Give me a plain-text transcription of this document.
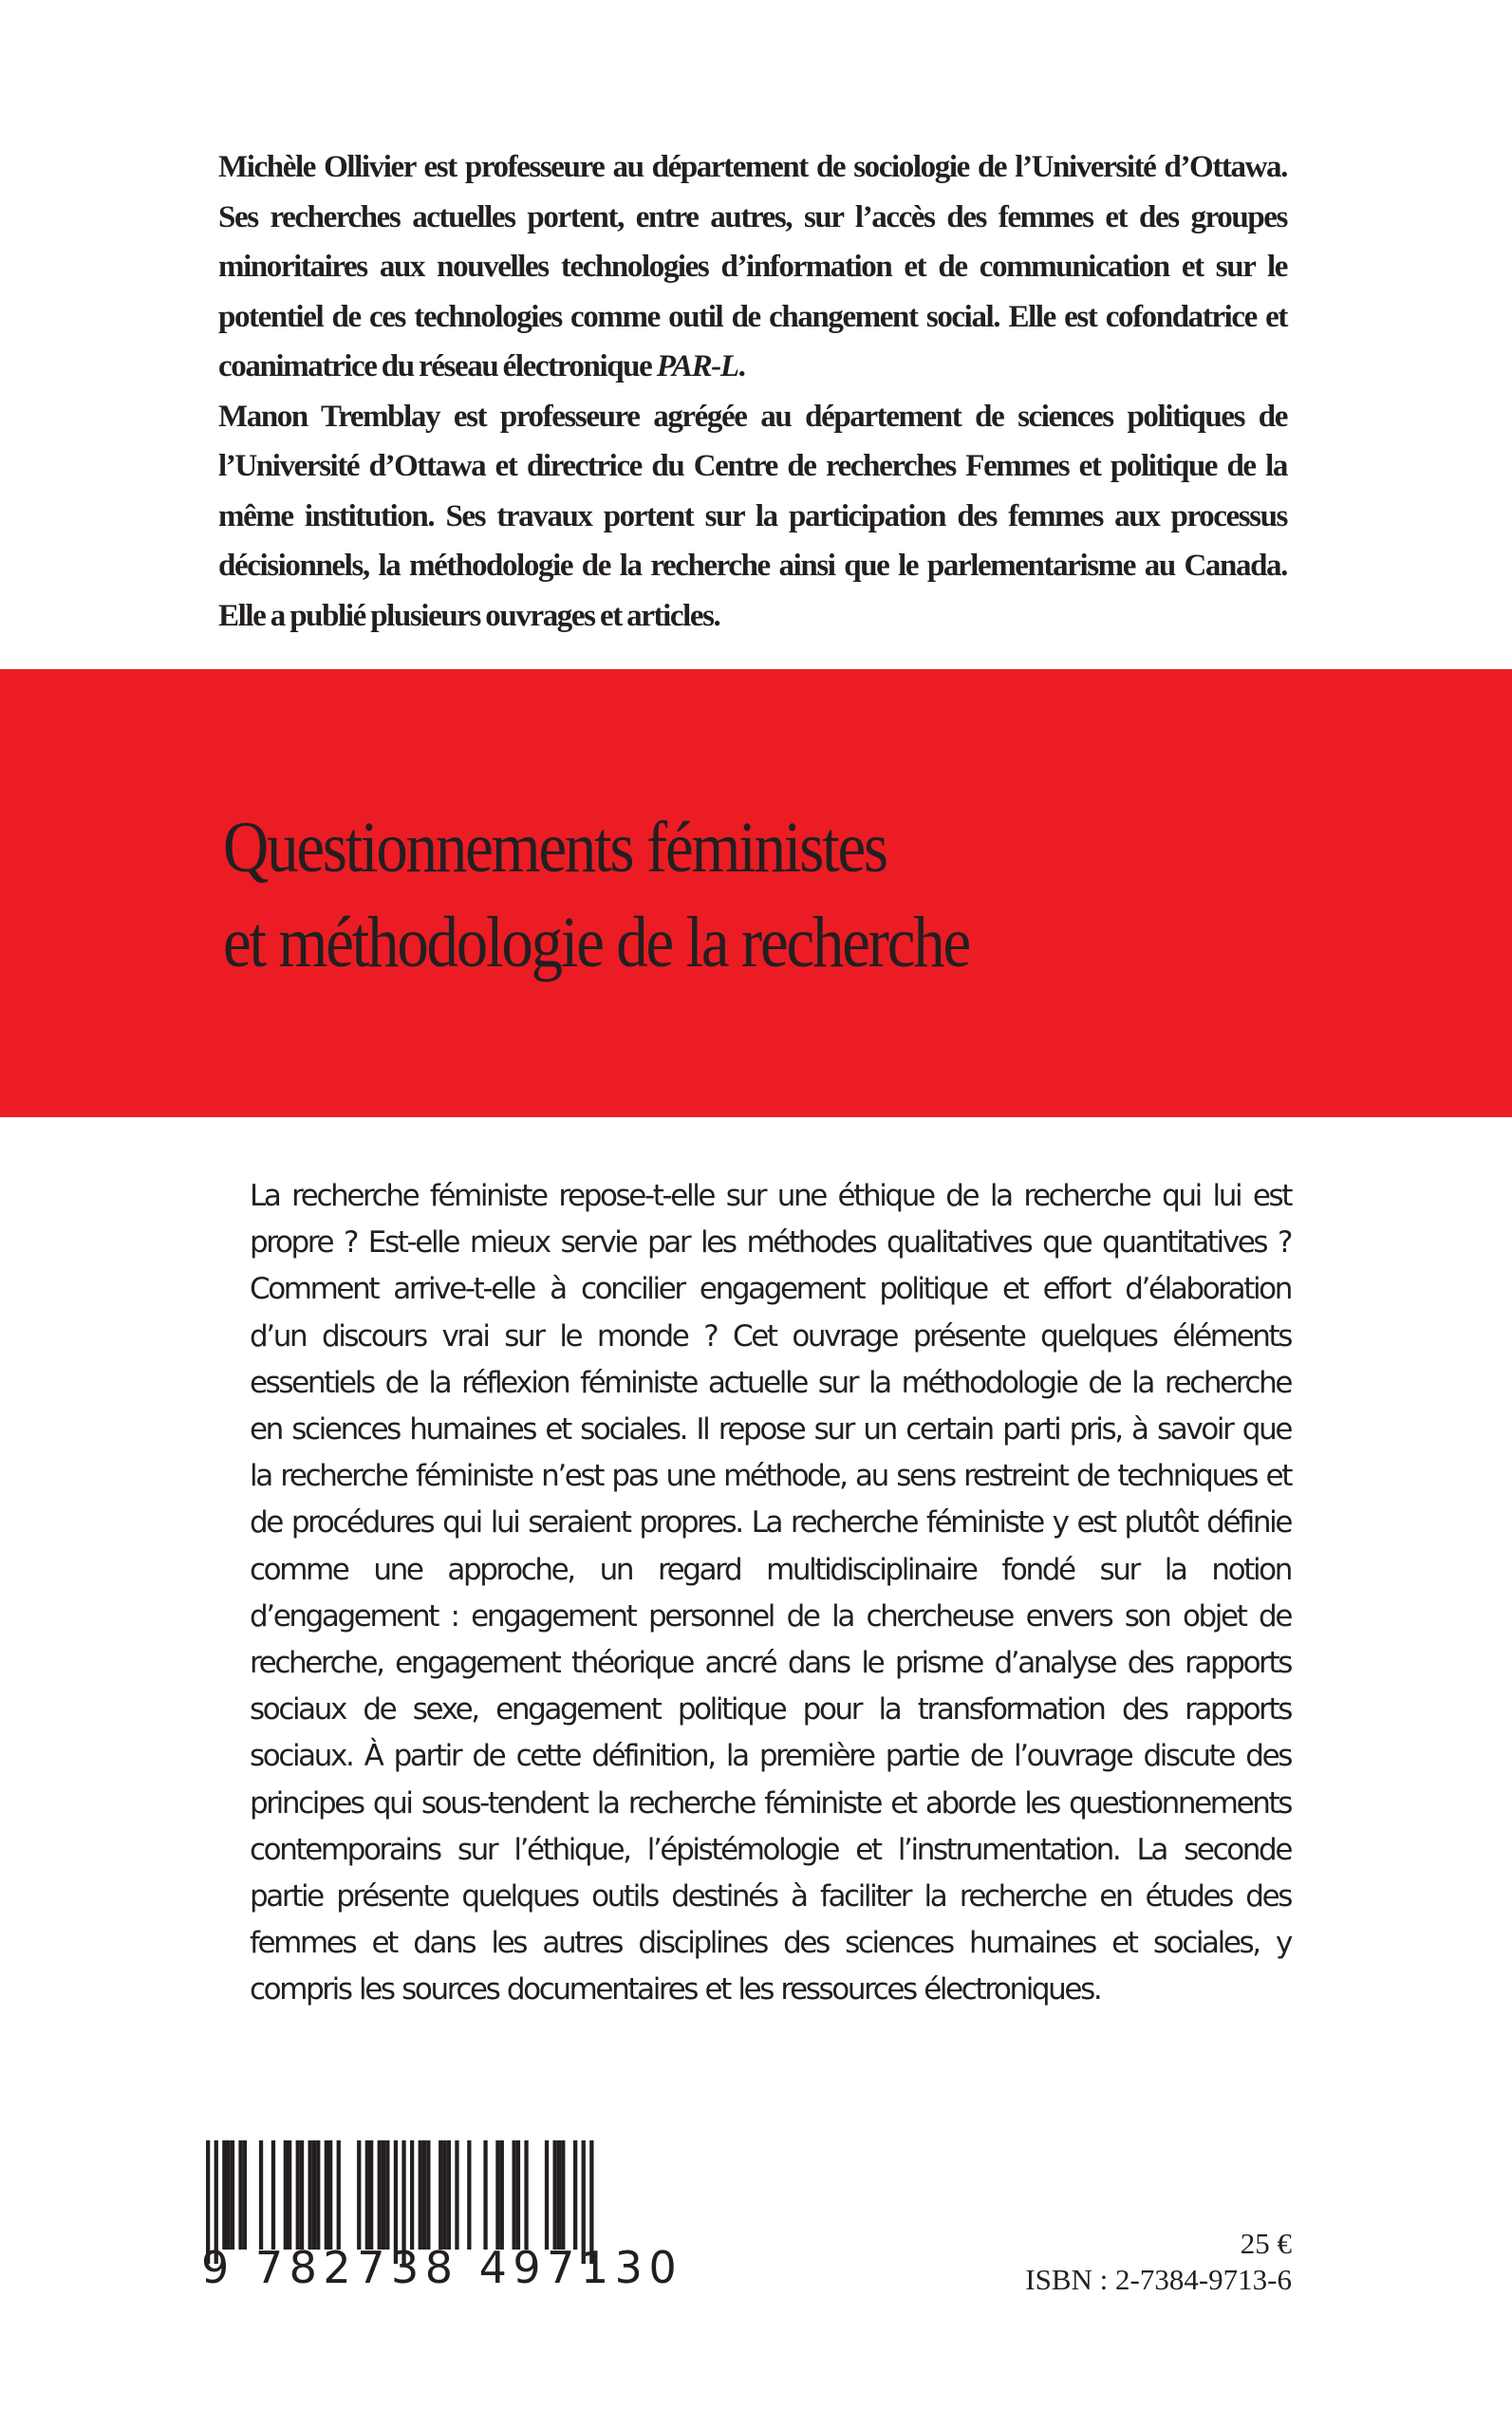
Michèle Ollivier est professeure au département de sociologie de l’Université d’Ottawa. Ses recherches actuelles portent, entre autres, sur l’accès des femmes et des groupes minoritaires aux nouvelles technologies d’information et de communication et sur le potentiel de ces technologies comme outil de changement social. Elle est cofondatrice et coanimatrice du réseau électronique PAR-L.

Manon Tremblay est professeure agrégée au département de sciences politiques de l’Université d’Ottawa et directrice du Centre de recherches Femmes et politique de la même institution. Ses travaux portent sur la participation des femmes aux processus décisionnels, la méthodologie de la recherche ainsi que le parlementarisme au Canada. Elle a publié plusieurs ouvrages et articles.

Questionnements féministes
et méthodologie de la recherche

La recherche féministe repose-t-elle sur une éthique de la recherche qui lui est propre ? Est-elle mieux servie par les méthodes qualitatives que quantitatives ? Comment arrive-t-elle à concilier engagement politique et effort d’élaboration d’un discours vrai sur le monde ? Cet ouvrage présente quelques éléments essentiels de la réflexion féministe actuelle sur la méthodologie de la recherche en sciences humaines et sociales. Il repose sur un certain parti pris, à savoir que la recherche féministe n’est pas une méthode, au sens restreint de techniques et de procédures qui lui seraient propres. La recherche féministe y est plutôt définie comme une approche, un regard multidisciplinaire fondé sur la notion d’engagement : engagement personnel de la chercheuse envers son objet de recherche, engagement théorique ancré dans le prisme d’analyse des rapports sociaux de sexe, engagement politique pour la transformation des rapports sociaux. À partir de cette définition, la première partie de l’ouvrage discute des principes qui sous-tendent la recherche féministe et aborde les questionnements contemporains sur l’éthique, l’épistémologie et l’instrumentation. La seconde partie présente quelques outils destinés à faciliter la recherche en études des femmes et dans les autres disciplines des sciences humaines et sociales, y compris les sources documentaires et les ressources électroniques.

9 782738 497130	25 €
ISBN : 2-7384-9713-6
